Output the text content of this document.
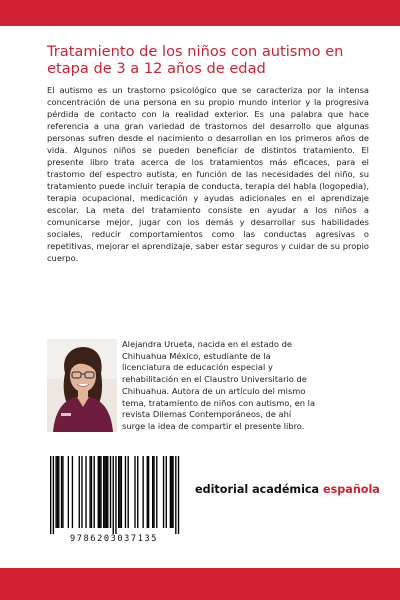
Tratamiento de los niños con autismo en etapa de 3 a 12 años de edad

El autismo es un trastorno psicológico que se caracteriza por la intensa concentración de una persona en su propio mundo interior y la progresiva pérdida de contacto con la realidad exterior. Es una palabra que hace referencia a una gran variedad de trastornos del desarrollo que algunas personas sufren desde el nacimiento o desarrollan en los primeros años de vida. Algunos niños se pueden beneficiar de distintos tratamiento. El presente libro trata acerca de los tratamientos más eficaces, para el trastorno del espectro autista, en función de las necesidades del niño, su tratamiento puede incluir terapia de conducta, terapia del habla (logopedia), terapia ocupacional, medicación y ayudas adicionales en el aprendizaje escolar. La meta del tratamiento consiste en ayudar a los niños a comunicarse mejor, jugar con los demás y desarrollar sus habilidades sociales, reducir comportamientos como las conductas agresivas o repetitivas, mejorar el aprendizaje, saber estar seguros y cuidar de su propio cuerpo.

Alejandra Urueta, nacida en el estado de Chihuahua México, estudiante de la licenciatura de educación especial y rehabilitación en el Claustro Universitario de Chihuahua. Autora de un artículo del mismo tema, tratamiento de niños con autismo, en la revista Dilemas Contemporáneos, de ahí surge la idea de compartir el presente libro.

9786203037135

editorial académica española
